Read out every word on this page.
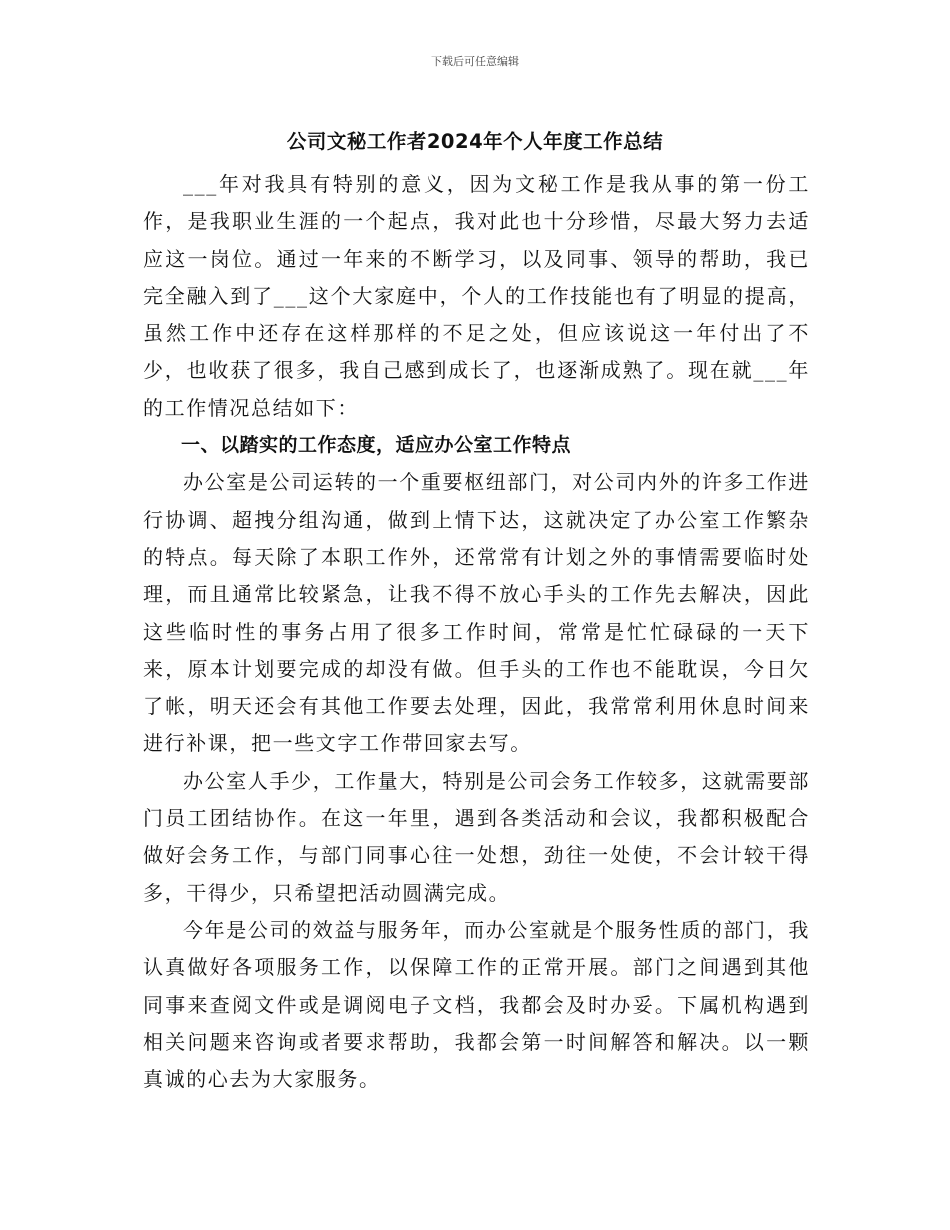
下载后可任意编辑
公司文秘工作者2024年个人年度工作总结

___年对我具有特别的意义，因为文秘工作是我从事的第一份工作，是我职业生涯的一个起点，我对此也十分珍惜，尽最大努力去适应这一岗位。通过一年来的不断学习，以及同事、领导的帮助，我已完全融入到了___这个大家庭中，个人的工作技能也有了明显的提高，虽然工作中还存在这样那样的不足之处，但应该说这一年付出了不少，也收获了很多，我自己感到成长了，也逐渐成熟了。现在就___年的工作情况总结如下：

一、以踏实的工作态度，适应办公室工作特点

办公室是公司运转的一个重要枢纽部门，对公司内外的许多工作进行协调、超拽分组沟通，做到上情下达，这就决定了办公室工作繁杂的特点。每天除了本职工作外，还常常有计划之外的事情需要临时处理，而且通常比较紧急，让我不得不放心手头的工作先去解决，因此这些临时性的事务占用了很多工作时间，常常是忙忙碌碌的一天下来，原本计划要完成的却没有做。但手头的工作也不能耽误，今日欠了帐，明天还会有其他工作要去处理，因此，我常常利用休息时间来进行补课，把一些文字工作带回家去写。

办公室人手少，工作量大，特别是公司会务工作较多，这就需要部门员工团结协作。在这一年里，遇到各类活动和会议，我都积极配合做好会务工作，与部门同事心往一处想，劲往一处使，不会计较干得多，干得少，只希望把活动圆满完成。

今年是公司的效益与服务年，而办公室就是个服务性质的部门，我认真做好各项服务工作，以保障工作的正常开展。部门之间遇到其他同事来查阅文件或是调阅电子文档，我都会及时办妥。下属机构遇到相关问题来咨询或者要求帮助，我都会第一时间解答和解决。以一颗真诚的心去为大家服务。
